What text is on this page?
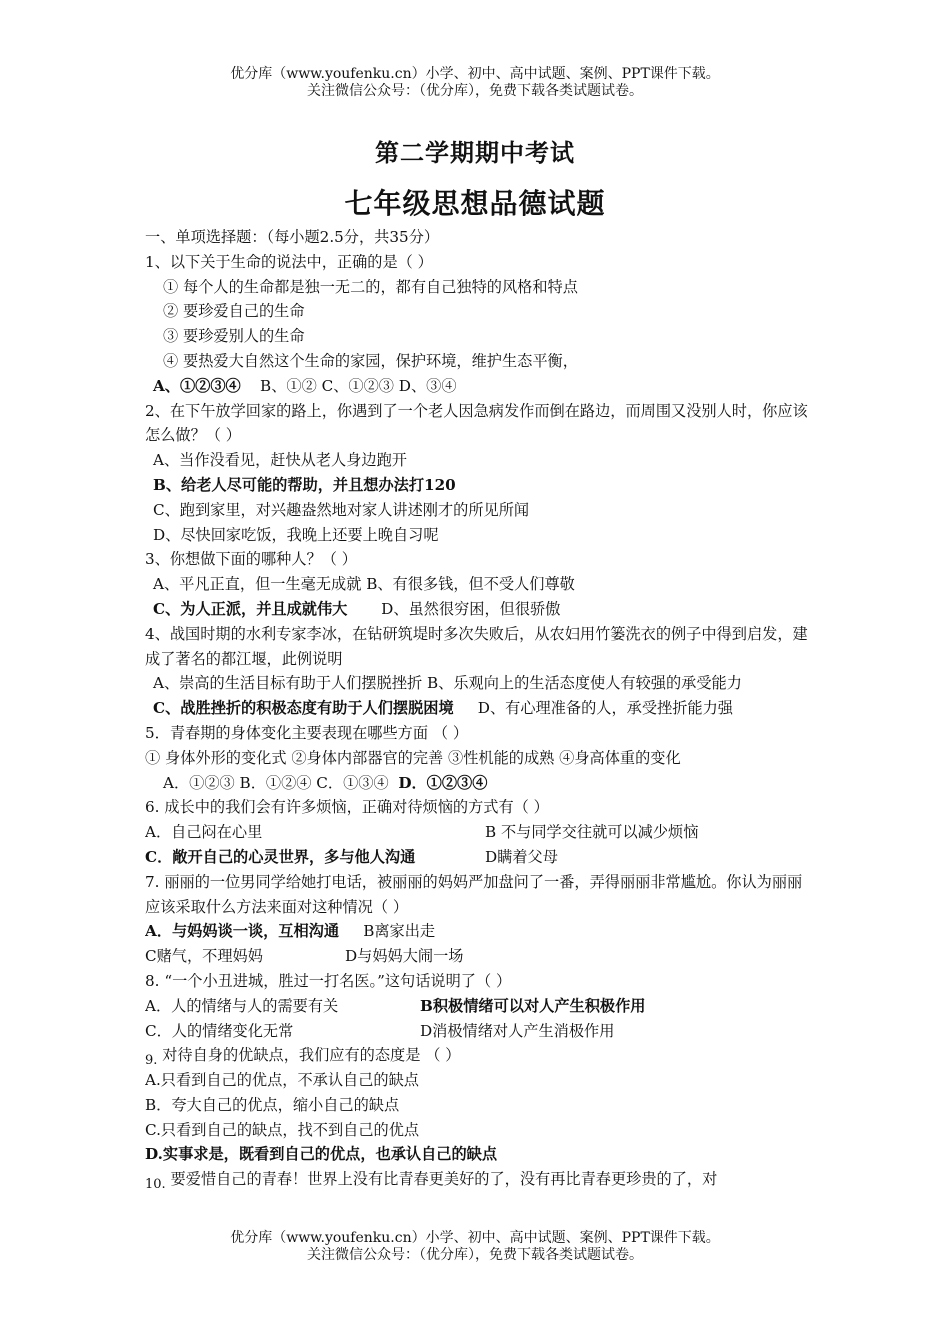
优分库（www.youfenku.cn）小学、初中、高中试题、案例、PPT课件下载。
关注微信公众号：（优分库），免费下载各类试题试卷。
第二学期期中考试
七年级思想品德试题
一、单项选择题：（每小题2.5分，共35分）
1、以下关于生命的说法中，正确的是（ ）
① 每个人的生命都是独一无二的，都有自己独特的风格和特点
② 要珍爱自己的生命
③ 要珍爱别人的生命
④ 要热爱大自然这个生命的家园，保护环境，维护生态平衡，
A、①②③④ B、①② C、①②③ D、③④
2、在下午放学回家的路上，你遇到了一个老人因急病发作而倒在路边，而周围又没别人时，你应该怎么做？（ ）
A、当作没看见，赶快从老人身边跑开
B、给老人尽可能的帮助，并且想办法打120
C、跑到家里，对兴趣盎然地对家人讲述刚才的所见所闻
D、尽快回家吃饭，我晚上还要上晚自习呢
3、你想做下面的哪种人？（ ）
A、平凡正直，但一生毫无成就 B、有很多钱，但不受人们尊敬
C、为人正派，并且成就伟大 D、虽然很穷困，但很骄傲
4、战国时期的水利专家李冰，在钻研筑堤时多次失败后，从农妇用竹篓洗衣的例子中得到启发，建成了著名的都江堰，此例说明
A、崇高的生活目标有助于人们摆脱挫折 B、乐观向上的生活态度使人有较强的承受能力
C、战胜挫折的积极态度有助于人们摆脱困境 D、有心理准备的人，承受挫折能力强
5．青春期的身体变化主要表现在哪些方面 （ ）
① 身体外形的变化式 ②身体内部器官的完善 ③性机能的成熟 ④身高体重的变化
A．①②③ B．①②④ C．①③④ D．①②③④
6. 成长中的我们会有许多烦恼，正确对待烦恼的方式有（ ）
A．自己闷在心里	B 不与同学交往就可以减少烦恼
C．敞开自己的心灵世界，多与他人沟通	D瞒着父母
7. 丽丽的一位男同学给她打电话，被丽丽的妈妈严加盘问了一番，弄得丽丽非常尴尬。你认为丽丽应该采取什么方法来面对这种情况（ ）
A．与妈妈谈一谈，互相沟通 B离家出走
C赌气，不理妈妈	D与妈妈大闹一场
8. “一个小丑进城，胜过一打名医。”这句话说明了（ ）
A．人的情绪与人的需要有关	B积极情绪可以对人产生积极作用
C．人的情绪变化无常	D消极情绪对人产生消极作用
9. 对待自身的优缺点，我们应有的态度是 （ ）
A.只看到自己的优点，不承认自己的缺点
B．夸大自己的优点，缩小自己的缺点
C.只看到自己的缺点，找不到自己的优点
D.实事求是，既看到自己的优点，也承认自己的缺点
10. 要爱惜自己的青春！世界上没有比青春更美好的了，没有再比青春更珍贵的了，对
优分库（www.youfenku.cn）小学、初中、高中试题、案例、PPT课件下载。
关注微信公众号：（优分库），免费下载各类试题试卷。
